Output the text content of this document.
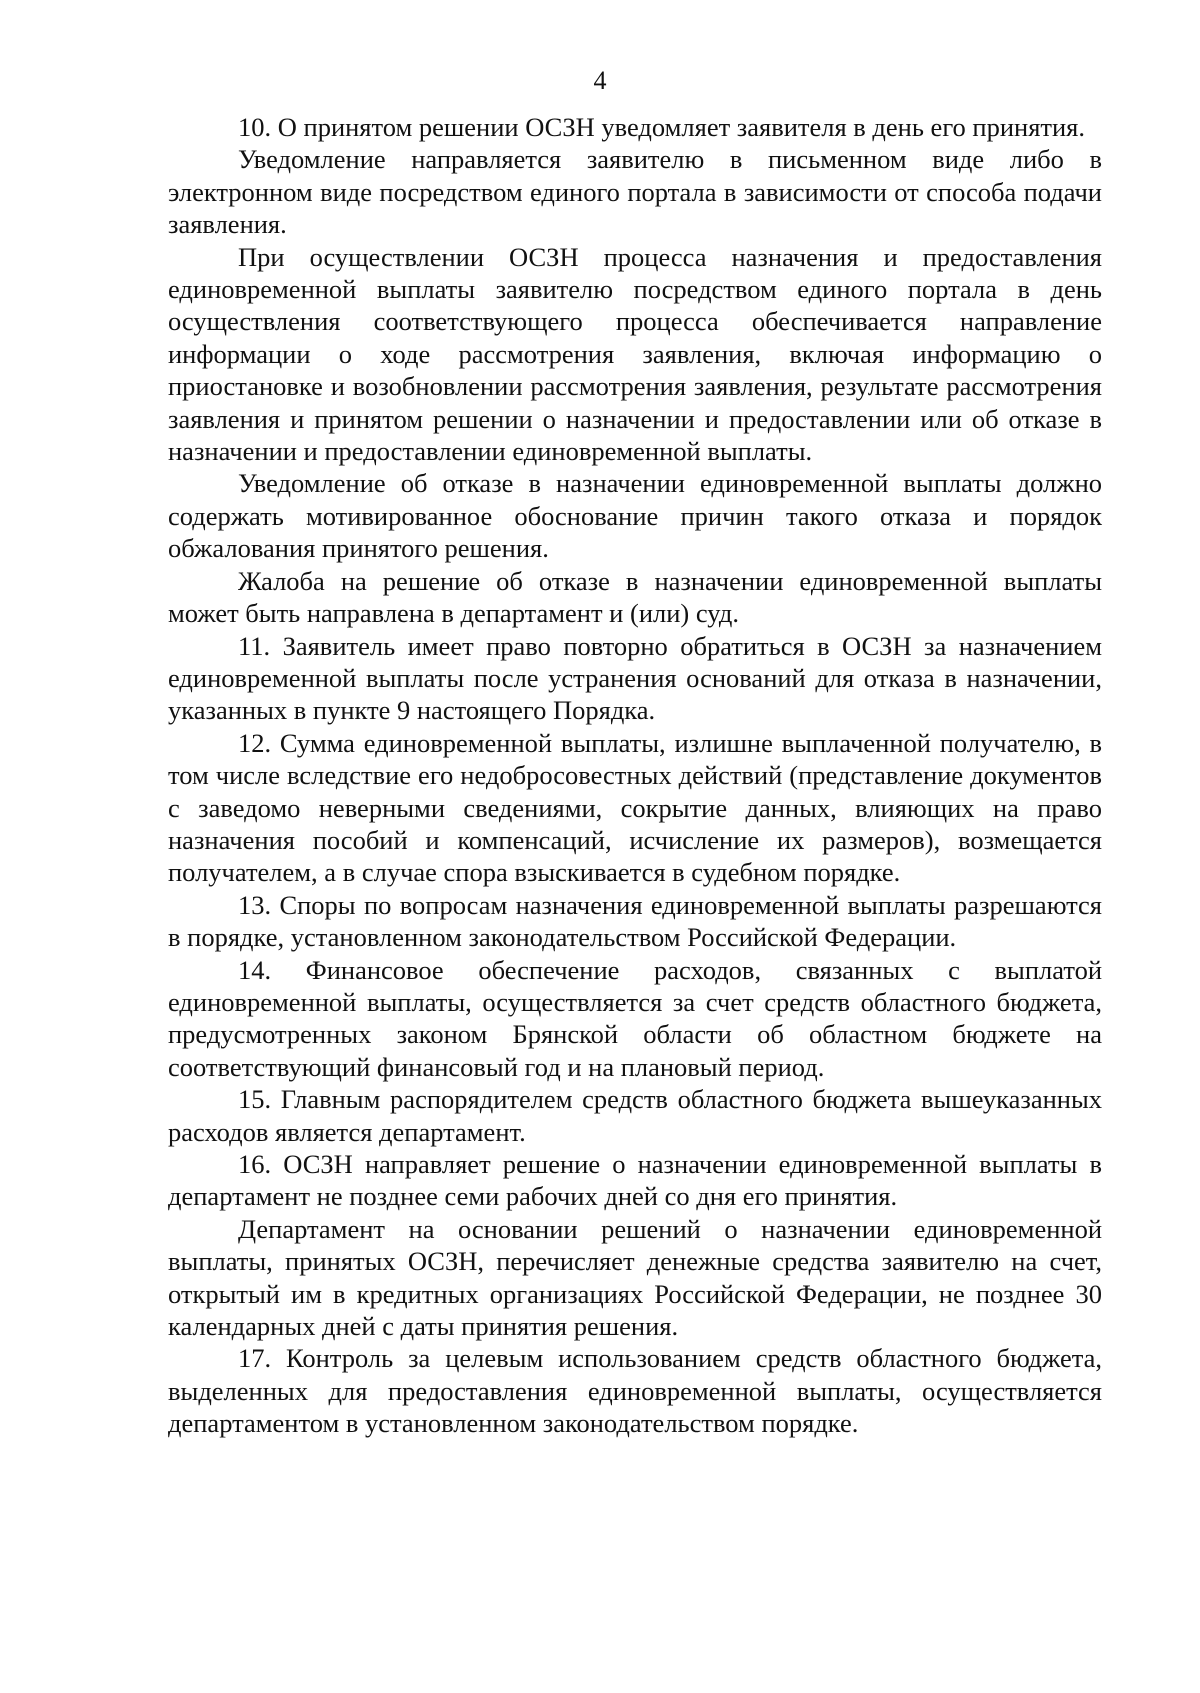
4

10. О принятом решении ОСЗН уведомляет заявителя в день его принятия.

Уведомление направляется заявителю в письменном виде либо в электронном виде посредством единого портала в зависимости от способа подачи заявления.

При осуществлении ОСЗН процесса назначения и предоставления единовременной выплаты заявителю посредством единого портала в день осуществления соответствующего процесса обеспечивается направление информации о ходе рассмотрения заявления, включая информацию о приостановке и возобновлении рассмотрения заявления, результате рассмотрения заявления и принятом решении о назначении и предоставлении или об отказе в назначении и предоставлении единовременной выплаты.

Уведомление об отказе в назначении единовременной выплаты должно содержать мотивированное обоснование причин такого отказа и порядок обжалования принятого решения.

Жалоба на решение об отказе в назначении единовременной выплаты может быть направлена в департамент и (или) суд.

11. Заявитель имеет право повторно обратиться в ОСЗН за назначением единовременной выплаты после устранения оснований для отказа в назначении, указанных в пункте 9 настоящего Порядка.

12. Сумма единовременной выплаты, излишне выплаченной получателю, в том числе вследствие его недобросовестных действий (представление документов с заведомо неверными сведениями, сокрытие данных, влияющих на право назначения пособий и компенсаций, исчисление их размеров), возмещается получателем, а в случае спора взыскивается в судебном порядке.

13. Споры по вопросам назначения единовременной выплаты разрешаются в порядке, установленном законодательством Российской Федерации.

14. Финансовое обеспечение расходов, связанных с выплатой единовременной выплаты, осуществляется за счет средств областного бюджета, предусмотренных законом Брянской области об областном бюджете на соответствующий финансовый год и на плановый период.

15. Главным распорядителем средств областного бюджета вышеуказанных расходов является департамент.

16. ОСЗН направляет решение о назначении единовременной выплаты в департамент не позднее семи рабочих дней со дня его принятия.

Департамент на основании решений о назначении единовременной выплаты, принятых ОСЗН, перечисляет денежные средства заявителю на счет, открытый им в кредитных организациях Российской Федерации, не позднее 30 календарных дней с даты принятия решения.

17. Контроль за целевым использованием средств областного бюджета, выделенных для предоставления единовременной выплаты, осуществляется департаментом в установленном законодательством порядке.
